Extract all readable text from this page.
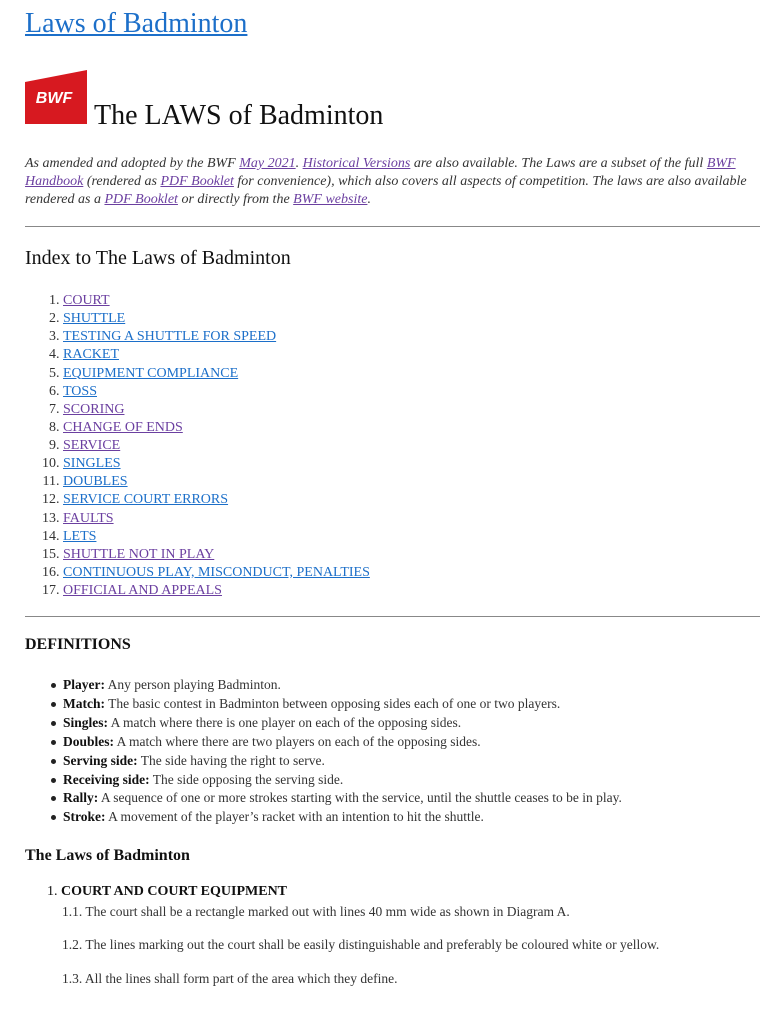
Laws of Badminton
BWF
The LAWS of Badminton

As amended and adopted by the BWF May 2021. Historical Versions are also available. The Laws are a subset of the full BWF Handbook (rendered as PDF Booklet for convenience), which also covers all aspects of competition. The laws are also available rendered as a PDF Booklet or directly from the BWF website.

Index to The Laws of Badminton
1. COURT
2. SHUTTLE
3. TESTING A SHUTTLE FOR SPEED
4. RACKET
5. EQUIPMENT COMPLIANCE
6. TOSS
7. SCORING
8. CHANGE OF ENDS
9. SERVICE
10. SINGLES
11. DOUBLES
12. SERVICE COURT ERRORS
13. FAULTS
14. LETS
15. SHUTTLE NOT IN PLAY
16. CONTINUOUS PLAY, MISCONDUCT, PENALTIES
17. OFFICIAL AND APPEALS
DEFINITIONS
Player: Any person playing Badminton.
Match: The basic contest in Badminton between opposing sides each of one or two players.
Singles: A match where there is one player on each of the opposing sides.
Doubles: A match where there are two players on each of the opposing sides.
Serving side: The side having the right to serve.
Receiving side: The side opposing the serving side.
Rally: A sequence of one or more strokes starting with the service, until the shuttle ceases to be in play.
Stroke: A movement of the player’s racket with an intention to hit the shuttle.
The Laws of Badminton
1. COURT AND COURT EQUIPMENT
1.1. The court shall be a rectangle marked out with lines 40 mm wide as shown in Diagram A.
1.2. The lines marking out the court shall be easily distinguishable and preferably be coloured white or yellow.
1.3. All the lines shall form part of the area which they define.
